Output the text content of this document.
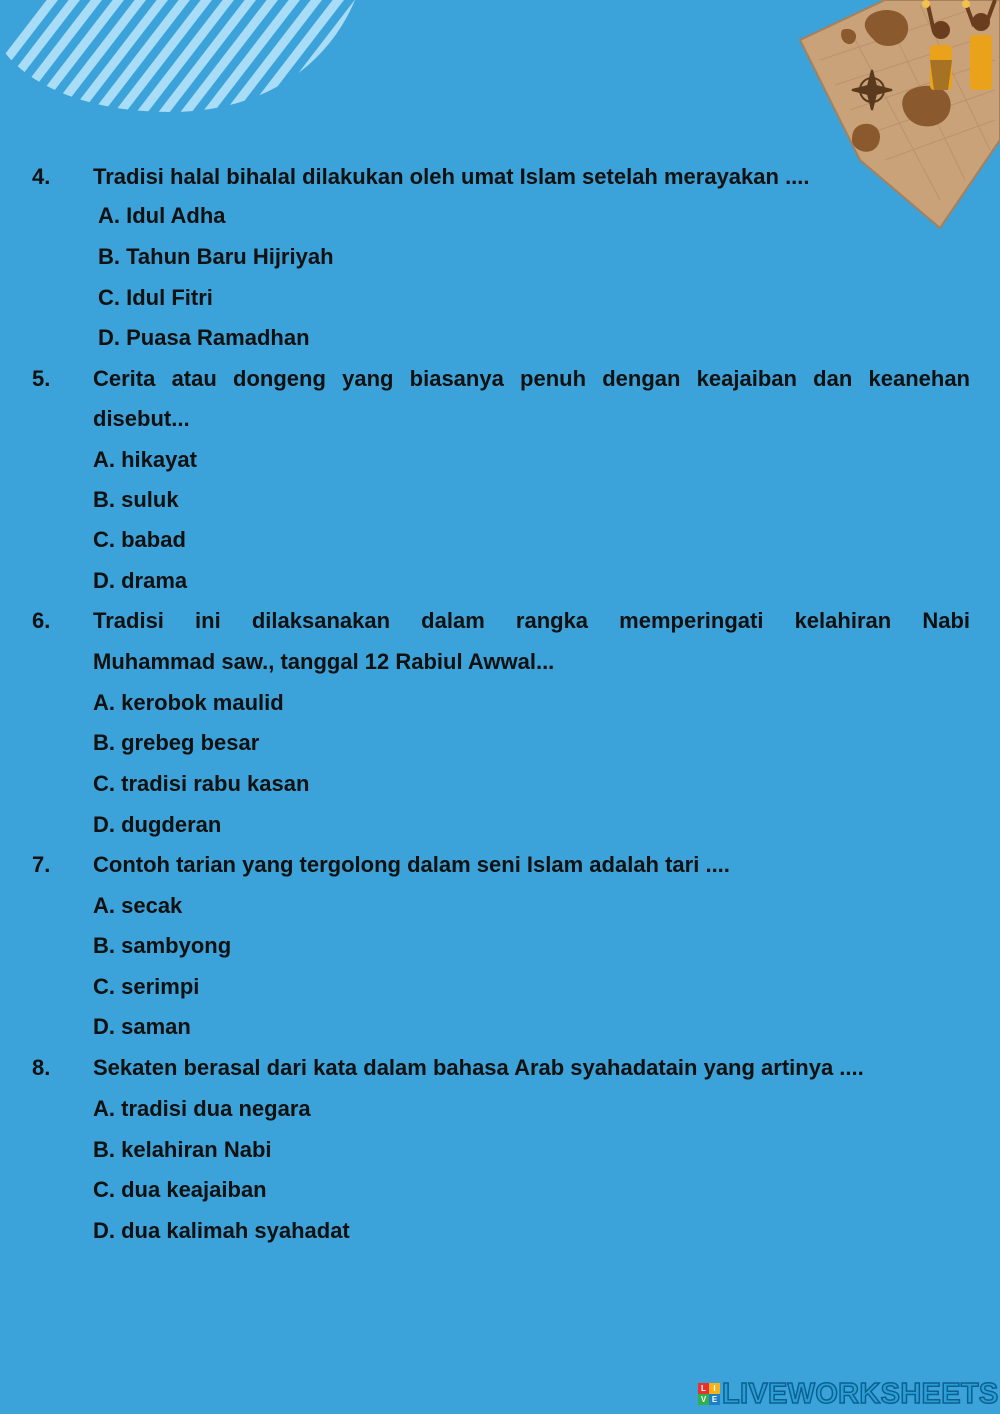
4. Tradisi halal bihalal dilakukan oleh umat Islam setelah merayakan ....
A. Idul Adha
B. Tahun Baru Hijriyah
C. Idul Fitri
D. Puasa Ramadhan
5. Cerita atau dongeng yang biasanya penuh dengan keajaiban dan keanehan
disebut...
A. hikayat
B. suluk
C. babad
D. drama
6. Tradisi ini dilaksanakan dalam rangka memperingati kelahiran Nabi
Muhammad saw., tanggal 12 Rabiul Awwal...
A. kerobok maulid
B. grebeg besar
C. tradisi rabu kasan
D. dugderan
7. Contoh tarian yang tergolong dalam seni Islam adalah tari ....
A. secak
B. sambyong
C. serimpi
D. saman
8. Sekaten berasal dari kata dalam bahasa Arab syahadatain yang artinya ....
A. tradisi dua negara
B. kelahiran Nabi
C. dua keajaiban
D. dua kalimah syahadat
L I
V E LIVEWORKSHEETS
